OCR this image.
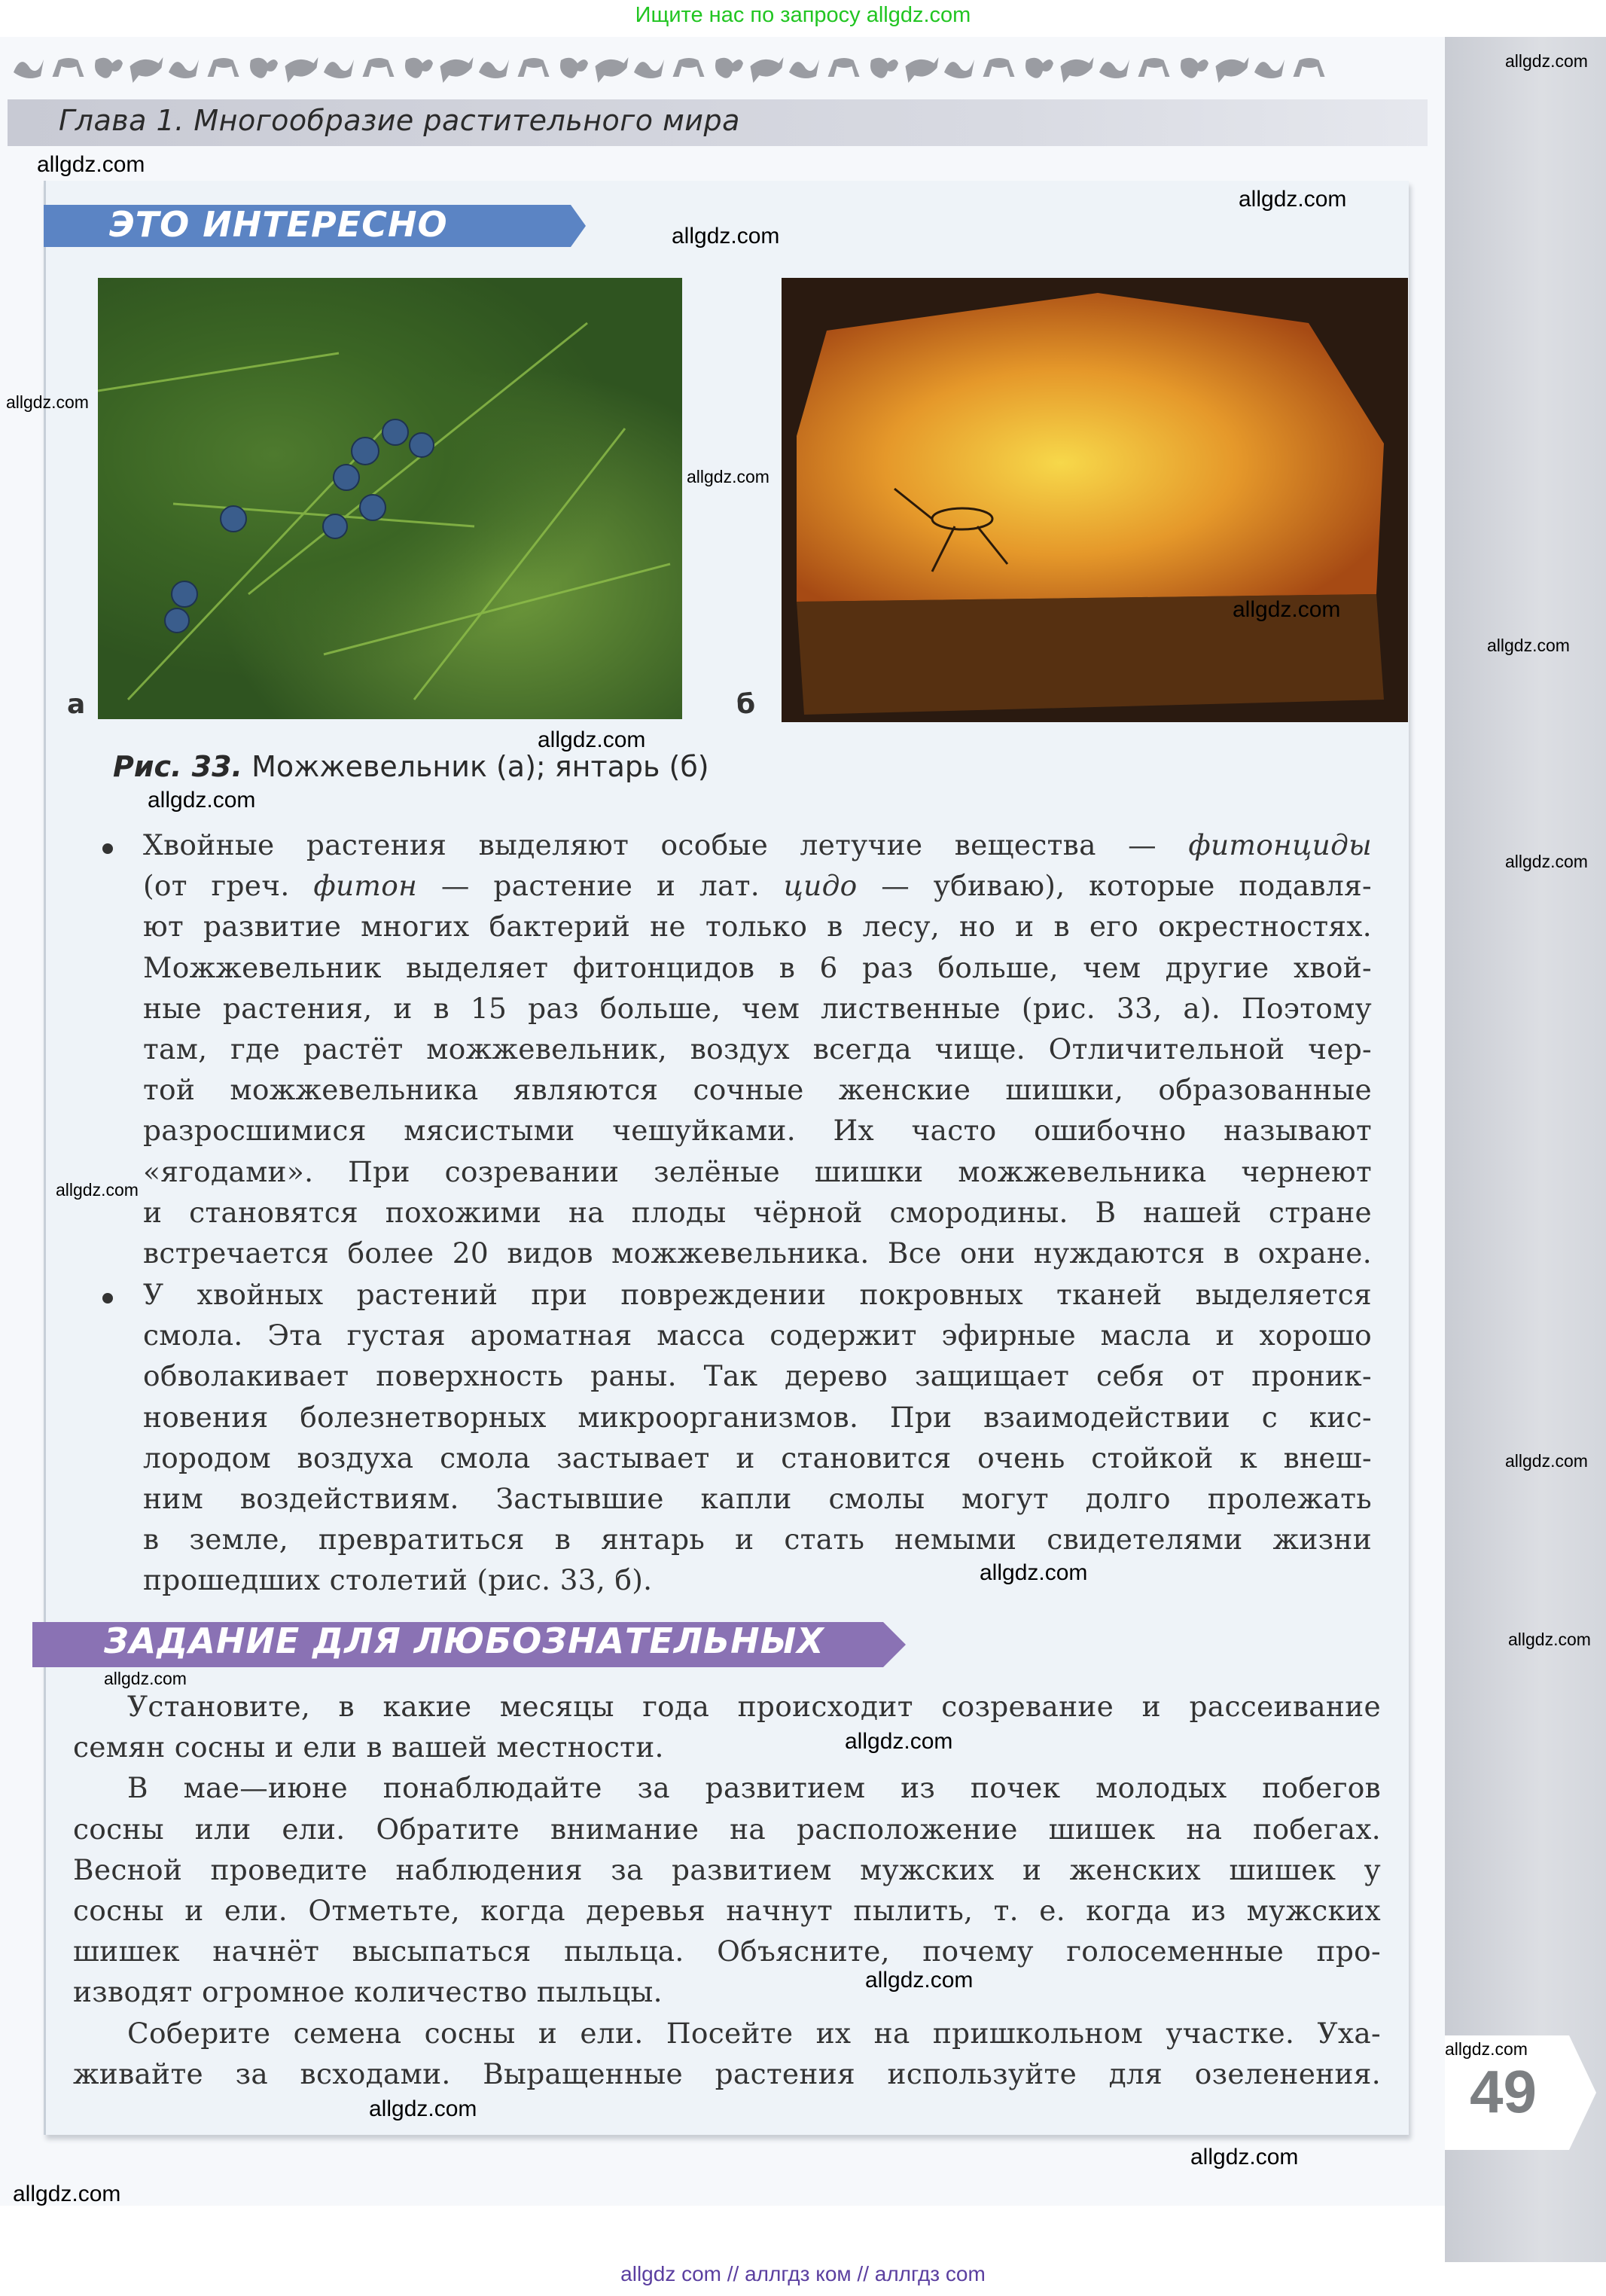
Ищите нас по запросу allgdz.com
Глава 1. Многообразие растительного мира
ЭТО ИНТЕРЕСНО
а	б
Рис. 33. Можжевельник (а); янтарь (б)
Хвойные растения выделяют особые летучие вещества — фитонциды
(от греч. фитон — растение и лат. цидо — убиваю), которые подавля-
ют развитие многих бактерий не только в лесу, но и в его окрестностях.
Можжевельник выделяет фитонцидов в 6 раз больше, чем другие хвой-
ные растения, и в 15 раз больше, чем лиственные (рис. 33, а). Поэтому
там, где растёт можжевельник, воздух всегда чище. Отличительной чер-
той можжевельника являются сочные женские шишки, образованные
разросшимися мясистыми чешуйками. Их часто ошибочно называют
«ягодами». При созревании зелёные шишки можжевельника чернеют
и становятся похожими на плоды чёрной смородины. В нашей стране
встречается более 20 видов можжевельника. Все они нуждаются в охране.
У хвойных растений при повреждении покровных тканей выделяется
смола. Эта густая ароматная масса содержит эфирные масла и хорошо
обволакивает поверхность раны. Так дерево защищает себя от проник-
новения болезнетворных микроорганизмов. При взаимодействии с кис-
лородом воздуха смола застывает и становится очень стойкой к внеш-
ним воздействиям. Застывшие капли смолы могут долго пролежать
в земле, превратиться в янтарь и стать немыми свидетелями жизни
прошедших столетий (рис. 33, б).
ЗАДАНИЕ ДЛЯ ЛЮБОЗНАТЕЛЬНЫХ
Установите, в какие месяцы года происходит созревание и рассеивание
семян сосны и ели в вашей местности.
В мае—июне понаблюдайте за развитием из почек молодых побегов
сосны или ели. Обратите внимание на расположение шишек на побегах.
Весной проведите наблюдения за развитием мужских и женских шишек у
сосны и ели. Отметьте, когда деревья начнут пылить, т. е. когда из мужских
шишек начнёт высыпаться пыльца. Объясните, почему голосеменные про-
изводят огромное количество пыльцы.
Соберите семена сосны и ели. Посейте их на пришкольном участке. Уха-
живайте за всходами. Выращенные растения используйте для озеленения. 49
allgdz com // аллгдз ком // аллгдз com
allgdz.com
allgdz.com
allgdz.com
allgdz.com
allgdz.com
allgdz.com
allgdz.com
allgdz.com
allgdz.com
allgdz.com
allgdz.com
allgdz.com
allgdz.com
allgdz.com
allgdz.com
allgdz.com
allgdz.com
allgdz.com
allgdz.com
allgdz.com
allgdz.com
allgdz.com
